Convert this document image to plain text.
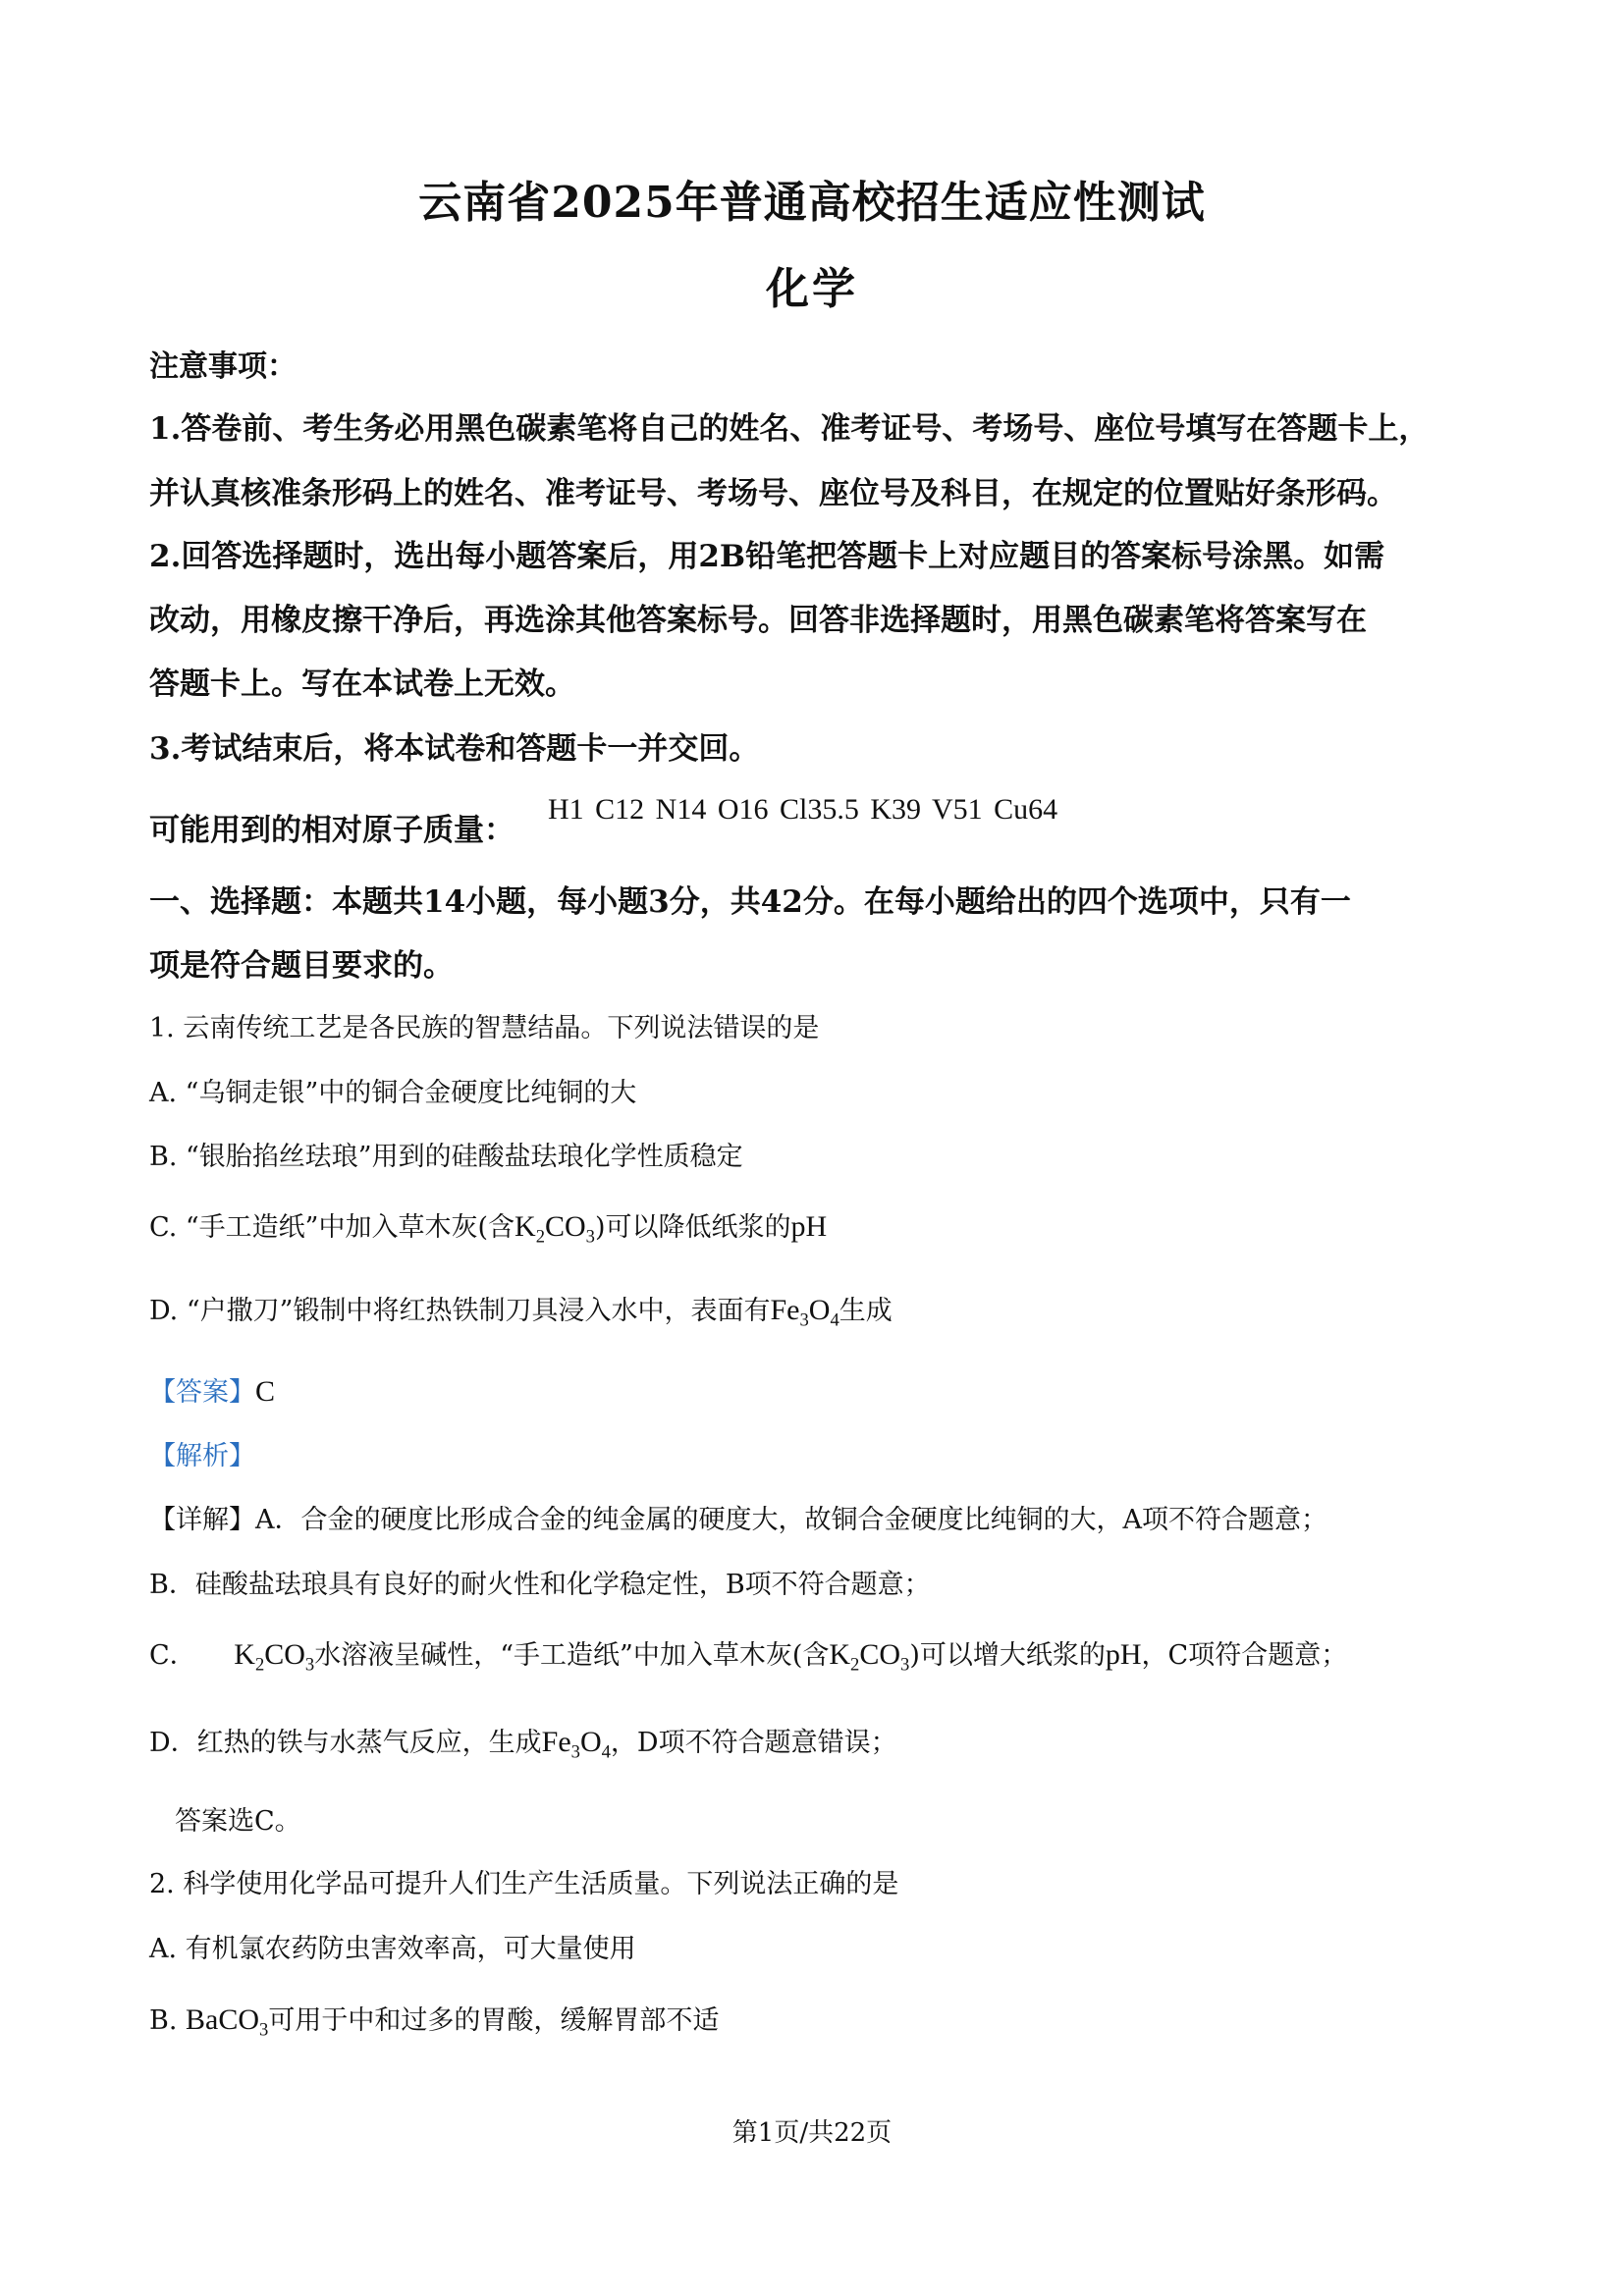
云南省2025年普通高校招生适应性测试
化学
注意事项：
1.答卷前、考生务必用黑色碳素笔将自己的姓名、准考证号、考场号、座位号填写在答题卡上，
并认真核准条形码上的姓名、准考证号、考场号、座位号及科目，在规定的位置贴好条形码。
2.回答选择题时，选出每小题答案后，用2B铅笔把答题卡上对应题目的答案标号涂黑。如需
改动，用橡皮擦干净后，再选涂其他答案标号。回答非选择题时，用黑色碳素笔将答案写在
答题卡上。写在本试卷上无效。
3.考试结束后，将本试卷和答题卡一并交回。
可能用到的相对原子质量：
H1 C12 N14 O16 Cl35.5 K39 V51 Cu64
一、选择题：本题共14小题，每小题3分，共42分。在每小题给出的四个选项中，只有一
项是符合题目要求的。
1. 云南传统工艺是各民族的智慧结晶。下列说法错误的是
A. “乌铜走银”中的铜合金硬度比纯铜的大
B. “银胎掐丝珐琅”用到的硅酸盐珐琅化学性质稳定
C. “手工造纸”中加入草木灰(含$K_2CO_3$)可以降低纸浆的pH
D. “户撒刀”锻制中将红热铁制刀具浸入水中，表面有$Fe_3O_4$生成
【答案】C
【解析】
【详解】A．合金的硬度比形成合金的纯金属的硬度大，故铜合金硬度比纯铜的大，A项不符合题意；
B．硅酸盐珐琅具有良好的耐火性和化学稳定性，B项不符合题意；
C． $K_2CO_3$水溶液呈碱性，“手工造纸”中加入草木灰(含$K_2CO_3$)可以增大纸浆的pH，C项符合题意；
D．红热的铁与水蒸气反应，生成$Fe_3O_4$，D项不符合题意错误；
答案选C。
2. 科学使用化学品可提升人们生产生活质量。下列说法正确的是
A. 有机氯农药防虫害效率高，可大量使用
B. BaCO$_3$可用于中和过多的胃酸，缓解胃部不适
第1页/共22页
